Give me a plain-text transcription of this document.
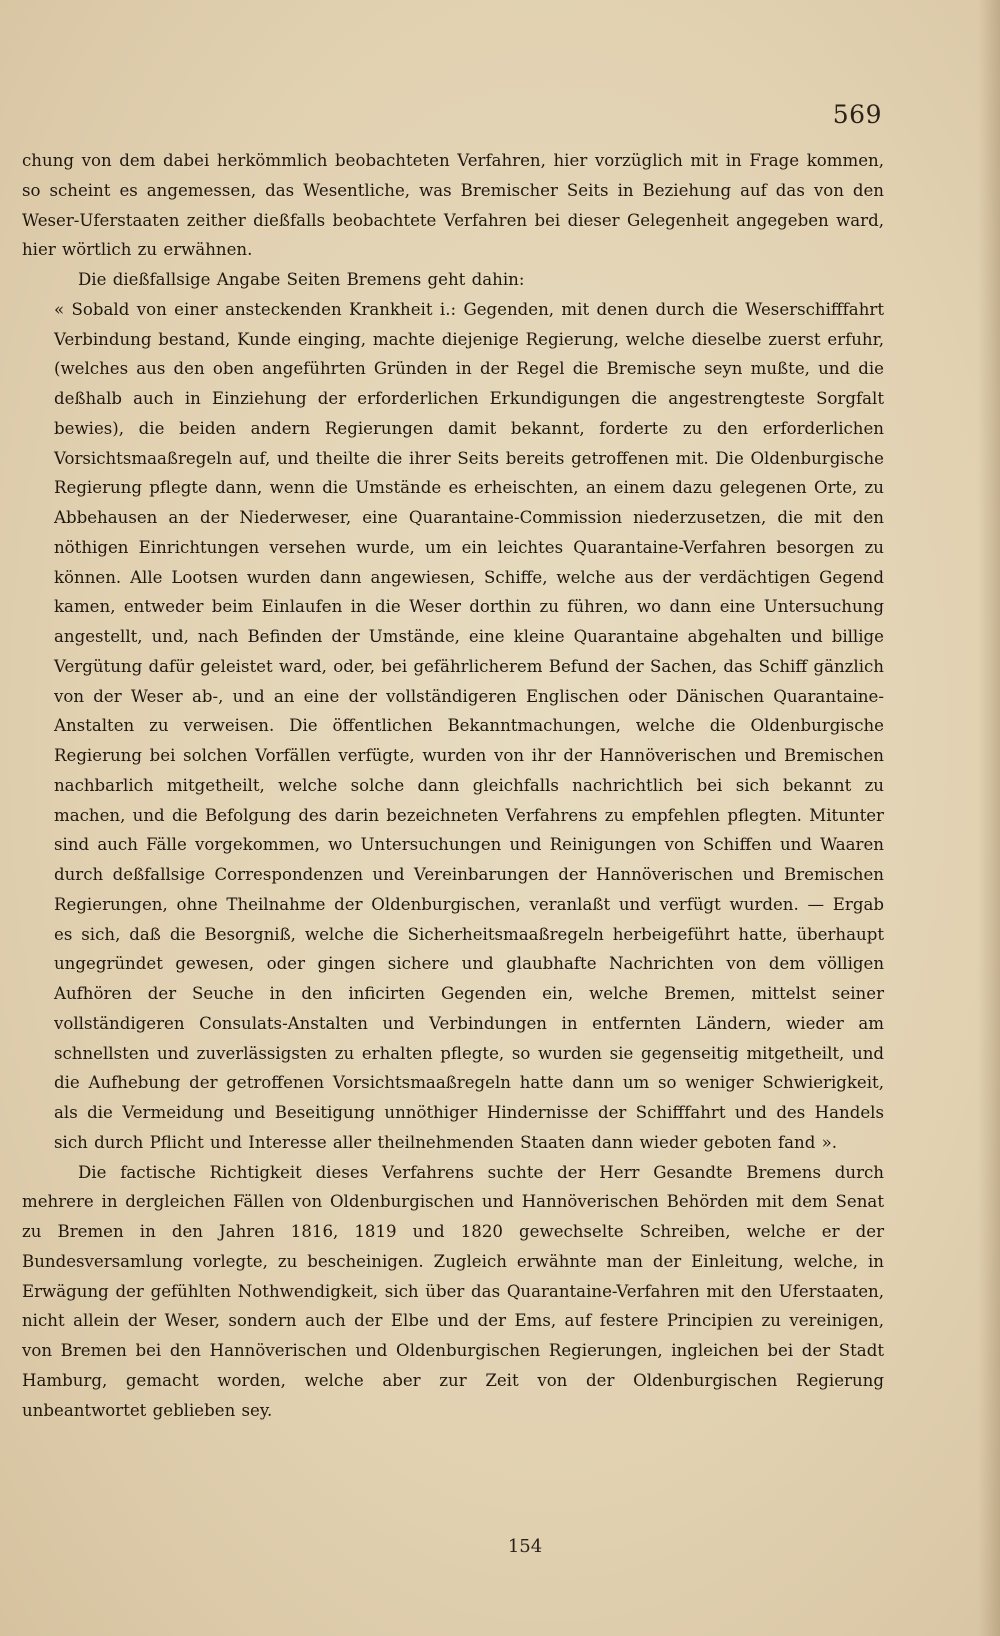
569

chung von dem dabei herkömmlich beobachteten Verfahren, hier vorzüglich mit in Frage kommen, so scheint es angemessen, das Wesentliche, was Bremischer Seits in Beziehung auf das von den Weser-Uferstaaten zeither dießfalls beobachtete Verfahren bei dieser Gelegenheit angegeben ward, hier wörtlich zu erwähnen.

Die dießfallsige Angabe Seiten Bremens geht dahin:

« Sobald von einer ansteckenden Krankheit i.: Gegenden, mit denen durch die Weserschifffahrt Verbindung bestand, Kunde einging, machte diejenige Regierung, welche dieselbe zuerst erfuhr, (welches aus den oben angeführten Gründen in der Regel die Bremische seyn mußte, und die deßhalb auch in Einziehung der erforderlichen Erkundigungen die angestrengteste Sorgfalt bewies), die beiden andern Regierungen damit bekannt, forderte zu den erforderlichen Vorsichtsmaaßregeln auf, und theilte die ihrer Seits bereits getroffenen mit. Die Oldenburgische Regierung pflegte dann, wenn die Umstände es erheischten, an einem dazu gelegenen Orte, zu Abbehausen an der Niederweser, eine Quarantaine-Commission niederzusetzen, die mit den nöthigen Einrichtungen versehen wurde, um ein leichtes Quarantaine-Verfahren besorgen zu können. Alle Lootsen wurden dann angewiesen, Schiffe, welche aus der verdächtigen Gegend kamen, entweder beim Einlaufen in die Weser dorthin zu führen, wo dann eine Untersuchung angestellt, und, nach Befinden der Umstände, eine kleine Quarantaine abgehalten und billige Vergütung dafür geleistet ward, oder, bei gefährlicherem Befund der Sachen, das Schiff gänzlich von der Weser ab-, und an eine der vollständigeren Englischen oder Dänischen Quarantaine-Anstalten zu verweisen. Die öffentlichen Bekanntmachungen, welche die Oldenburgische Regierung bei solchen Vorfällen verfügte, wurden von ihr der Hannöverischen und Bremischen nachbarlich mitgetheilt, welche solche dann gleichfalls nachrichtlich bei sich bekannt zu machen, und die Befolgung des darin bezeichneten Verfahrens zu empfehlen pflegten. Mitunter sind auch Fälle vorgekommen, wo Untersuchungen und Reinigungen von Schiffen und Waaren durch deßfallsige Correspondenzen und Vereinbarungen der Hannöverischen und Bremischen Regierungen, ohne Theilnahme der Oldenburgischen, veranlaßt und verfügt wurden. — Ergab es sich, daß die Besorgniß, welche die Sicherheitsmaaßregeln herbeigeführt hatte, überhaupt ungegründet gewesen, oder gingen sichere und glaubhafte Nachrichten von dem völligen Aufhören der Seuche in den inficirten Gegenden ein, welche Bremen, mittelst seiner vollständigeren Consulats-Anstalten und Verbindungen in entfernten Ländern, wieder am schnellsten und zuverlässigsten zu erhalten pflegte, so wurden sie gegenseitig mitgetheilt, und die Aufhebung der getroffenen Vorsichtsmaaßregeln hatte dann um so weniger Schwierigkeit, als die Vermeidung und Beseitigung unnöthiger Hindernisse der Schifffahrt und des Handels sich durch Pflicht und Interesse aller theilnehmenden Staaten dann wieder geboten fand ».

Die factische Richtigkeit dieses Verfahrens suchte der Herr Gesandte Bremens durch mehrere in dergleichen Fällen von Oldenburgischen und Hannöverischen Behörden mit dem Senat zu Bremen in den Jahren 1816, 1819 und 1820 gewechselte Schreiben, welche er der Bundesversamlung vorlegte, zu bescheinigen. Zugleich erwähnte man der Einleitung, welche, in Erwägung der gefühlten Nothwendigkeit, sich über das Quarantaine-Verfahren mit den Uferstaaten, nicht allein der Weser, sondern auch der Elbe und der Ems, auf festere Principien zu vereinigen, von Bremen bei den Hannöverischen und Oldenburgischen Regierungen, ingleichen bei der Stadt Hamburg, gemacht worden, welche aber zur Zeit von der Oldenburgischen Regierung unbeantwortet geblieben sey.

154
